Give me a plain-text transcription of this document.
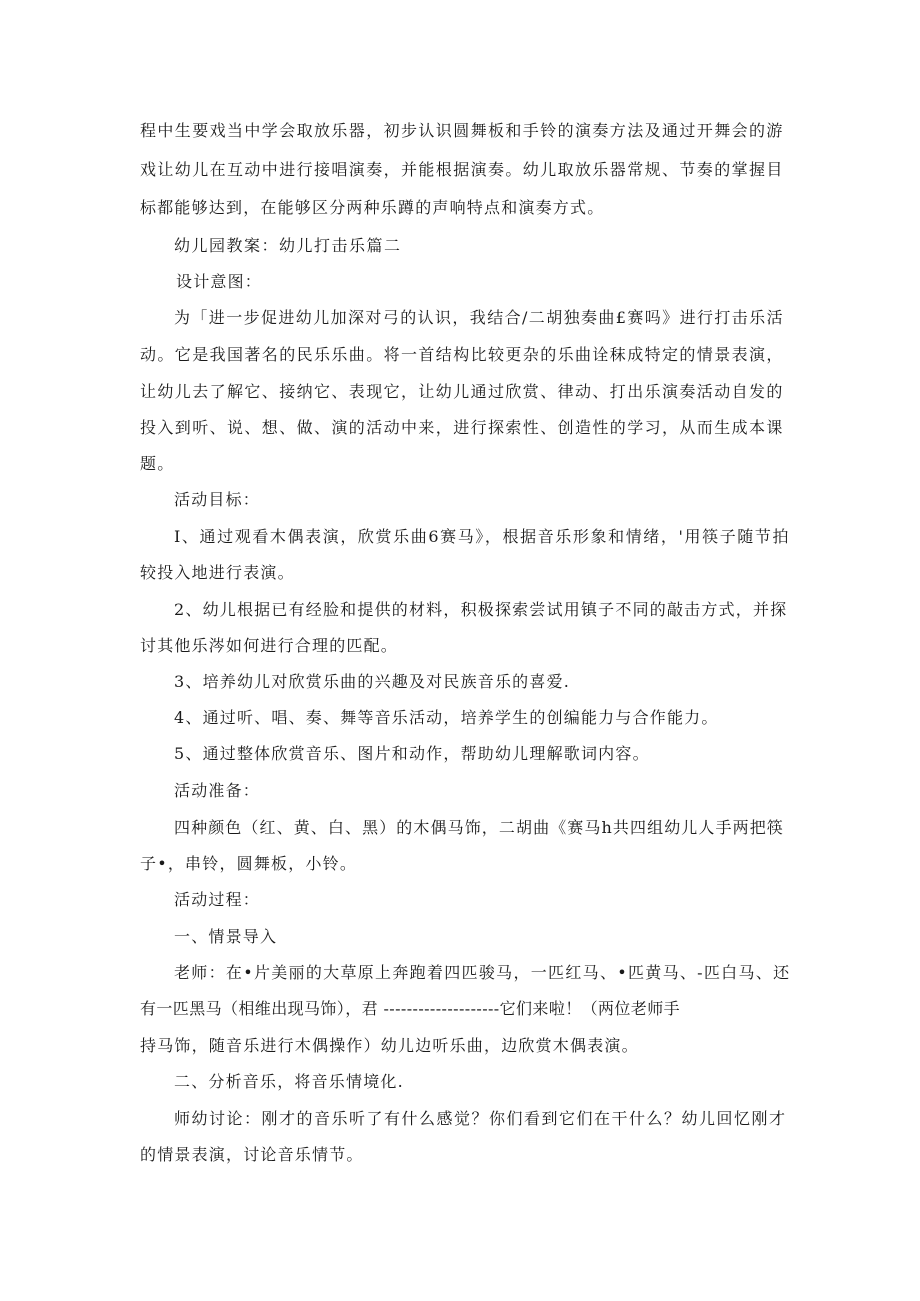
程中生要戏当中学会取放乐器，初步认识圆舞板和手铃的演奏方法及通过开舞会的游

戏让幼儿在互动中进行接唱演奏，并能根据演奏。幼儿取放乐器常规、节奏的掌握目

标都能够达到，在能够区分两种乐蹲的声响特点和演奏方式。

幼儿园教案：幼儿打击乐篇二

设计意图：

为「进一步促进幼儿加深对弓的认识，我结合/二胡独奏曲£赛吗》进行打击乐活

动。它是我国著名的民乐乐曲。将一首结构比较更杂的乐曲诠秣成特定的情景表演，

让幼儿去了解它、接纳它、表现它，让幼儿通过欣赏、律动、打出乐演奏活动自发的

投入到听、说、想、做、演的活动中来，进行探索性、创造性的学习，从而生成本课

题。

活动目标：

I、通过观看木偶表演，欣赏乐曲6赛马》，根据音乐形象和情绪，'用筷子随节拍

较投入地进行表演。

2、幼儿根据已有经脸和提供的材料，积极探索尝试用镇子不同的敲击方式，并探

讨其他乐涔如何进行合理的匹配。

3、培养幼儿对欣赏乐曲的兴趣及对民族音乐的喜爱.

4、通过听、唱、奏、舞等音乐活动，培养学生的创编能力与合作能力。

5、通过整体欣赏音乐、图片和动作，帮助幼儿理解歌词内容。

活动准备：

四种颜色（红、黄、白、黑）的木偶马饰，二胡曲《赛马h共四组幼儿人手两把筷

子•，串铃，圆舞板，小铃。

活动过程：

一、情景导入

老师：在•片美丽的大草原上奔跑着四匹骏马，一匹红马、•匹黄马、-匹白马、还

有一匹黑马（相维出现马饰），君 --------------------它们来啦！（两位老师手

持马饰，随音乐进行木偶操作）幼儿边听乐曲，边欣赏木偶表演。

二、分析音乐，将音乐情境化.

师幼讨论：刚才的音乐听了有什么感觉？你们看到它们在干什么？幼儿回忆刚才

的情景表演，讨论音乐情节。
